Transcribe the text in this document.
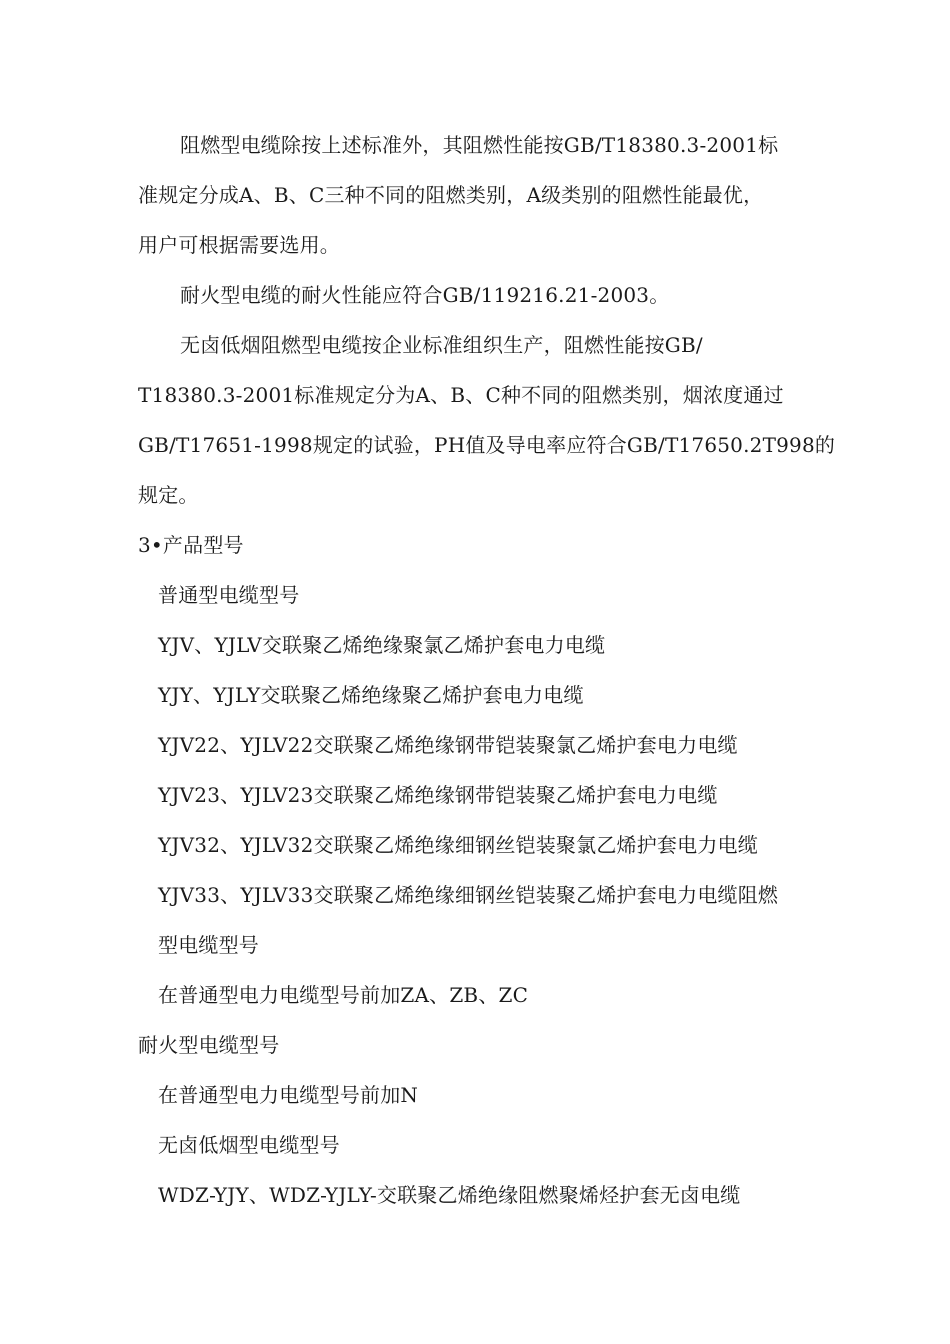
阻燃型电缆除按上述标准外，其阻燃性能按GB/T18380.3-2001标
准规定分成A、B、C三种不同的阻燃类别，A级类别的阻燃性能最优，
用户可根据需要选用。
耐火型电缆的耐火性能应符合GB/119216.21-2003。
无卤低烟阻燃型电缆按企业标准组织生产，阻燃性能按GB/
T18380.3-2001标准规定分为A、B、C种不同的阻燃类别，烟浓度通过
GB/T17651-1998规定的试验，PH值及导电率应符合GB/T17650.2T998的
规定。
3•产品型号
普通型电缆型号
YJV、YJLV交联聚乙烯绝缘聚氯乙烯护套电力电缆
YJY、YJLY交联聚乙烯绝缘聚乙烯护套电力电缆
YJV22、YJLV22交联聚乙烯绝缘钢带铠装聚氯乙烯护套电力电缆
YJV23、YJLV23交联聚乙烯绝缘钢带铠装聚乙烯护套电力电缆
YJV32、YJLV32交联聚乙烯绝缘细钢丝铠装聚氯乙烯护套电力电缆
YJV33、YJLV33交联聚乙烯绝缘细钢丝铠装聚乙烯护套电力电缆阻燃
型电缆型号
在普通型电力电缆型号前加ZA、ZB、ZC
耐火型电缆型号
在普通型电力电缆型号前加N
无卤低烟型电缆型号
WDZ-YJY、WDZ-YJLY-交联聚乙烯绝缘阻燃聚烯烃护套无卤电缆
